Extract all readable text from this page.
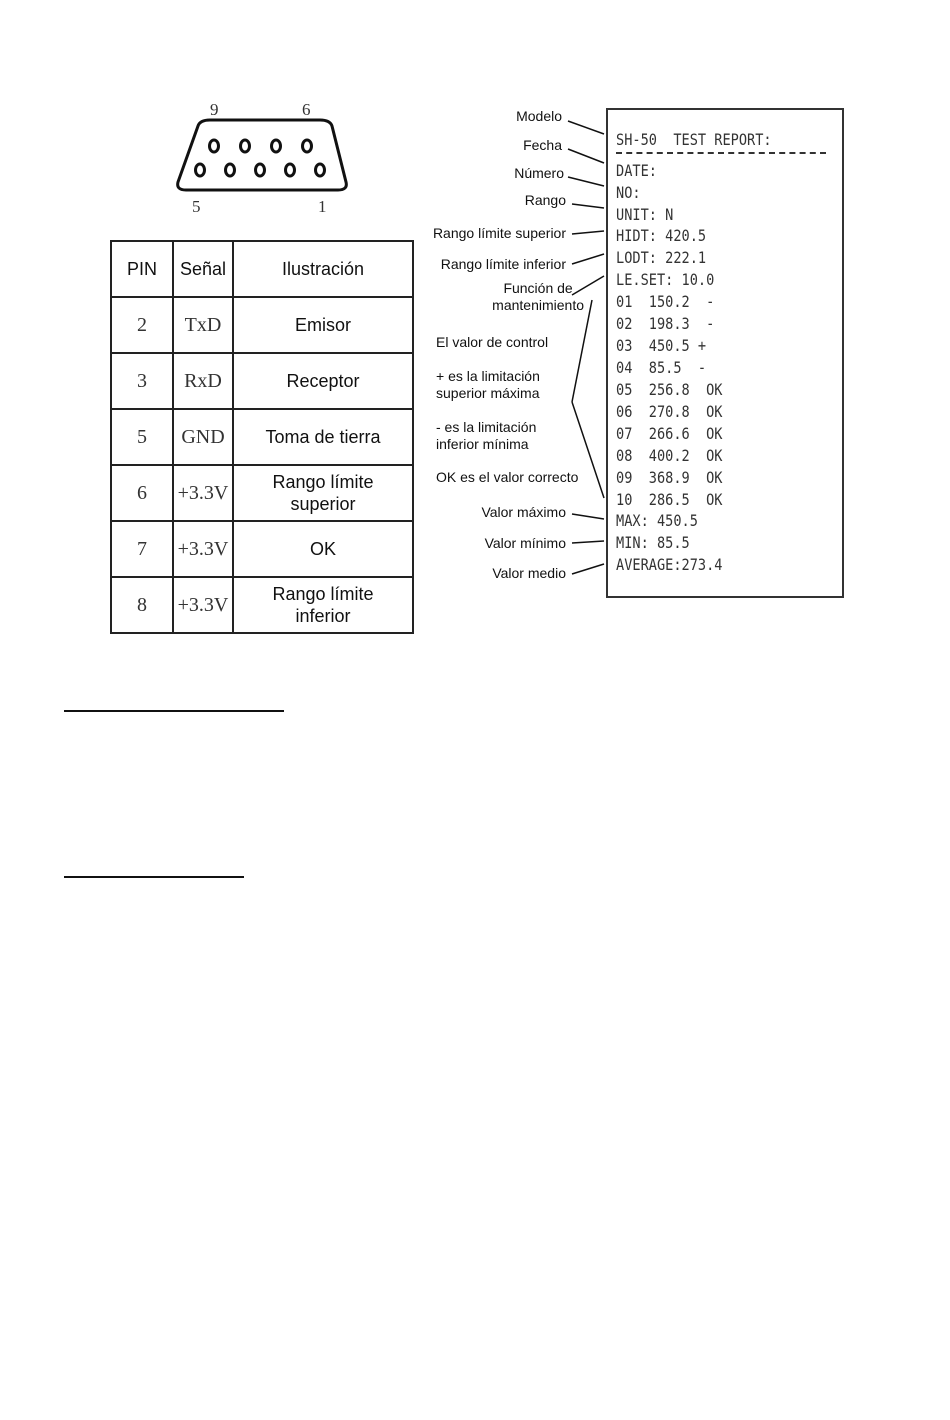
9	6
5	1
PIN	Señal	Ilustración
2	TxD	Emisor
3	RxD	Receptor
5	GND	Toma de tierra
6	+3.3V	Rango límite
superior
7	+3.3V	OK
8	+3.3V	Rango límite
inferior
Modelo
Fecha
Número
Rango
Rango límite superior
Rango límite inferior
Función de
mantenimiento
El valor de control
+ es la limitación
superior máxima
- es la limitación
inferior mínima
OK es el valor correcto
Valor máximo
Valor mínimo
Valor medio
SH-50  TEST REPORT:
DATE:
NO:
UNIT: N
HIDT: 420.5
LODT: 222.1
LE.SET: 10.0
01  150.2  -
02  198.3  -
03  450.5 +
04  85.5  -
05  256.8  OK
06  270.8  OK
07  266.6  OK
08  400.2  OK
09  368.9  OK
10  286.5  OK
MAX: 450.5
MIN: 85.5
AVERAGE:273.4
